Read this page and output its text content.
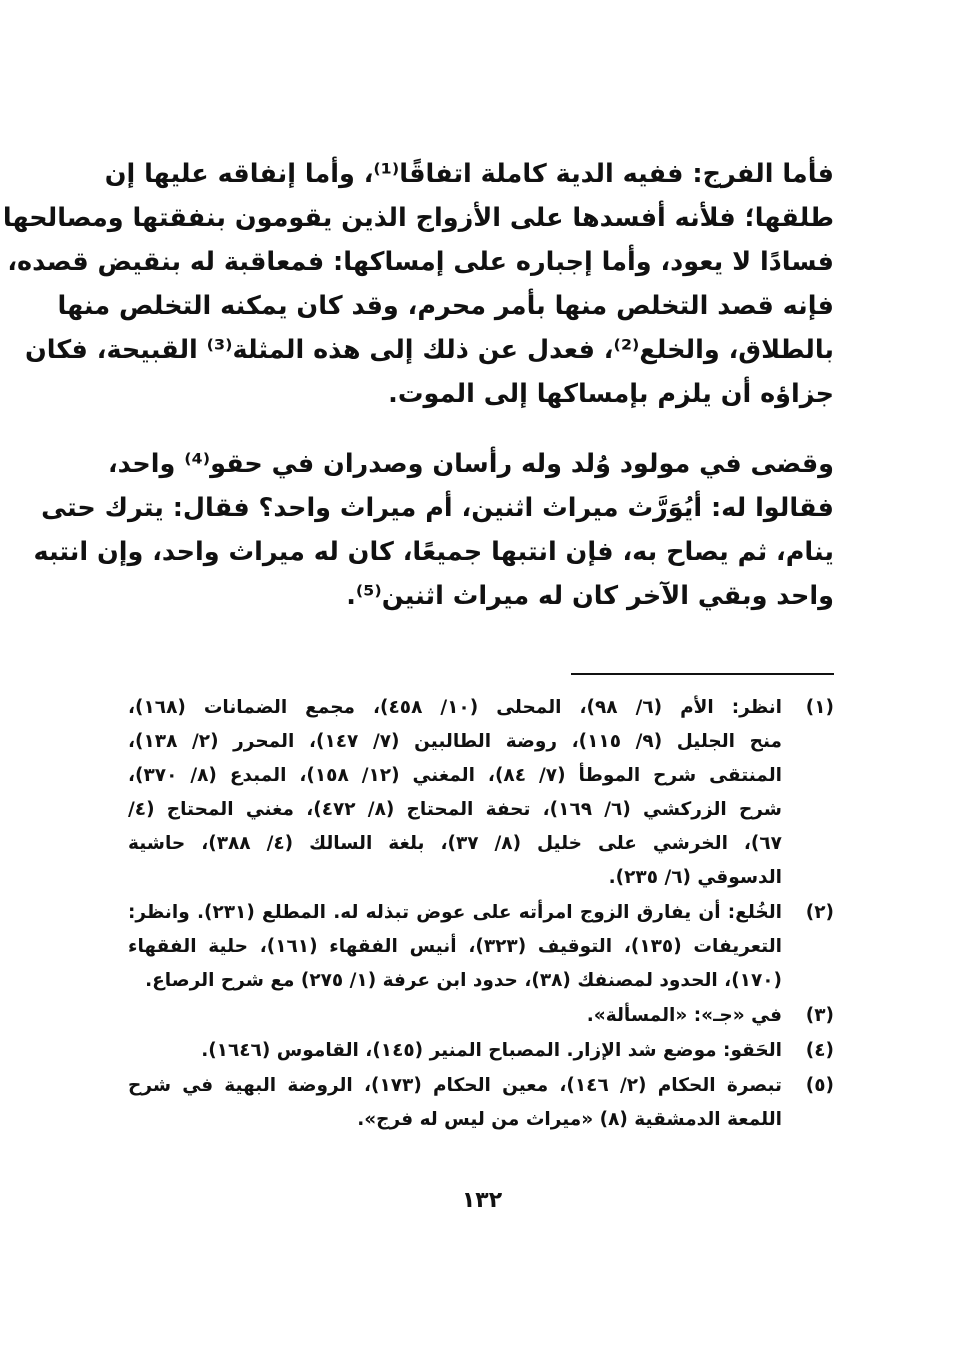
فأما الفرج: ففيه الدية كاملة اتفاقًا⁽¹⁾، وأما إنفاقه عليها إن
طلقها؛ فلأنه أفسدها على الأزواج الذين يقومون بنفقتها ومصالحها
فسادًا لا يعود، وأما إجباره على إمساكها: فمعاقبة له بنقيض قصده،
فإنه قصد التخلص منها بأمر محرم، وقد كان يمكنه التخلص منها
بالطلاق، والخلع⁽²⁾، فعدل عن ذلك إلى هذه المثلة⁽³⁾ القبيحة، فكان
جزاؤه أن يلزم بإمساكها إلى الموت.

وقضى في مولود وُلد وله رأسان وصدران في حقو⁽⁴⁾ واحد،
فقالوا له: أيُوَرَّث ميراث اثنين، أم ميراث واحد؟ فقال: يترك حتى
ينام، ثم يصاح به، فإن انتبها جميعًا، كان له ميراث واحد، وإن انتبه
واحد وبقي الآخر كان له ميراث اثنين⁽⁵⁾.

(١)
انظر: الأم (٦/ ٩٨)، المحلى (١٠/ ٤٥٨)، مجمع الضمانات (١٦٨)،
منح الجليل (٩/ ١١٥)، روضة الطالبين (٧/ ١٤٧)، المحرر (٢/ ١٣٨)،
المنتقى شرح الموطأ (٧/ ٨٤)، المغني (١٢/ ١٥٨)، المبدع (٨/ ٣٧٠)،
شرح الزركشي (٦/ ١٦٩)، تحفة المحتاج (٨/ ٤٧٢)، مغني المحتاج (٤/
٦٧)، الخرشي على خليل (٨/ ٣٧)، بلغة السالك (٤/ ٣٨٨)، حاشية
الدسوقي (٦/ ٢٣٥).
(٢)
الخُلع: أن يفارق الزوج امرأته على عوض تبذله له. المطلع (٢٣١). وانظر:
التعريفات (١٣٥)، التوقيف (٣٢٣)، أنيس الفقهاء (١٦١)، حلية الفقهاء
(١٧٠)، الحدود لمصنفك (٣٨)، حدود ابن عرفة (١/ ٢٧٥) مع شرح الرصاع.
(٣)
في «جـ»: «المسألة».
(٤)
الحَقو: موضع شد الإزار. المصباح المنير (١٤٥)، القاموس (١٦٤٦).
(٥)
تبصرة الحكام (٢/ ١٤٦)، معين الحكام (١٧٣)، الروضة البهية في شرح
اللمعة الدمشقية (٨) «ميراث من ليس له فرج».
١٣٢
